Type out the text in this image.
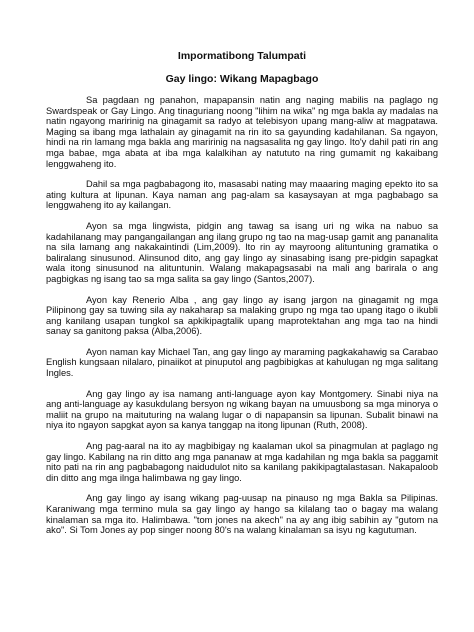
Impormatibong Talumpati
Gay lingo: Wikang Mapagbago

Sa pagdaan ng panahon, mapapansin natin ang naging mabilis na paglago ng Swardspeak or Gay Lingo. Ang tinaguriang noong "lihim na wika" ng mga bakla ay madalas na natin ngayong maririnig na ginagamit sa radyo at telebisyon upang mang-aliw at magpatawa. Maging sa ibang mga lathalain ay ginagamit na rin ito sa gayunding kadahilanan. Sa ngayon, hindi na rin lamang mga bakla ang maririnig na nagsasalita ng gay lingo. Ito'y dahil pati rin ang mga babae, mga abata at iba mga kalalkihan ay natututo na ring gumamit ng kakaibang lenggwaheng ito.

Dahil sa mga pagbabagong ito, masasabi nating may maaaring maging epekto ito sa ating kultura at lipunan. Kaya naman ang pag-alam sa kasaysayan at mga pagbabago sa lenggwaheng ito ay kailangan.

Ayon sa mga lingwista, pidgin ang tawag sa isang uri ng wika na nabuo sa kadahilanang may pangangailangan ang ilang grupo ng tao na mag-usap gamit ang pananalita na sila lamang ang nakakaintindi (Lim,2009). Ito rin ay mayroong alituntuning gramatika o baliralang sinusunod. Alinsunod dito, ang gay lingo ay sinasabing isang pre-pidgin sapagkat wala itong sinusunod na alituntunin. Walang makapagsasabi na mali ang barirala o ang pagbigkas ng isang tao sa mga salita sa gay lingo (Santos,2007).

Ayon kay Renerio Alba , ang gay lingo ay isang jargon na ginagamit ng mga Pilipinong gay sa tuwing sila ay nakaharap sa malaking grupo ng mga tao upang itago o ikubli ang kanilang usapan tungkol sa apkikipagtalik upang maprotektahan ang mga tao na hindi sanay sa ganitong paksa (Alba,2006).

Ayon naman kay Michael Tan, ang gay lingo ay maraming pagkakahawig sa Carabao English kungsaan nilalaro, pinaiikot at pinuputol ang pagbibigkas at kahulugan ng mga salitang Ingles.

Ang gay lingo ay isa namang anti-language ayon kay Montgomery. Sinabi niya na ang anti-language ay kasukdulang bersyon ng wikang bayan na umuusbong sa mga minorya o maliit na grupo na maituturing na walang lugar o di napapansin sa lipunan. Subalit binawi na niya ito ngayon sapgkat ayon sa kanya tanggap na itong lipunan (Ruth, 2008).

Ang pag-aaral na ito ay magbibigay ng kaalaman ukol sa pinagmulan at paglago ng gay lingo. Kabilang na rin ditto ang mga pananaw at mga kadahilan ng mga bakla sa paggamit nito pati na rin ang pagbabagong naidudulot nito sa kanilang pakikipagtalastasan. Nakapaloob din ditto ang mga ilnga halimbawa ng gay lingo.

Ang gay lingo ay isang wikang pag-uusap na pinauso ng mga Bakla sa Pilipinas. Karaniwang mga termino mula sa gay lingo ay hango sa kilalang tao o bagay ma walang kinalaman sa mga ito. Halimbawa. "tom jones na akech" na ay ang ibig sabihin ay "gutom na ako". Si Tom Jones ay pop singer noong 80's na walang kinalaman sa isyu ng kagutuman.
